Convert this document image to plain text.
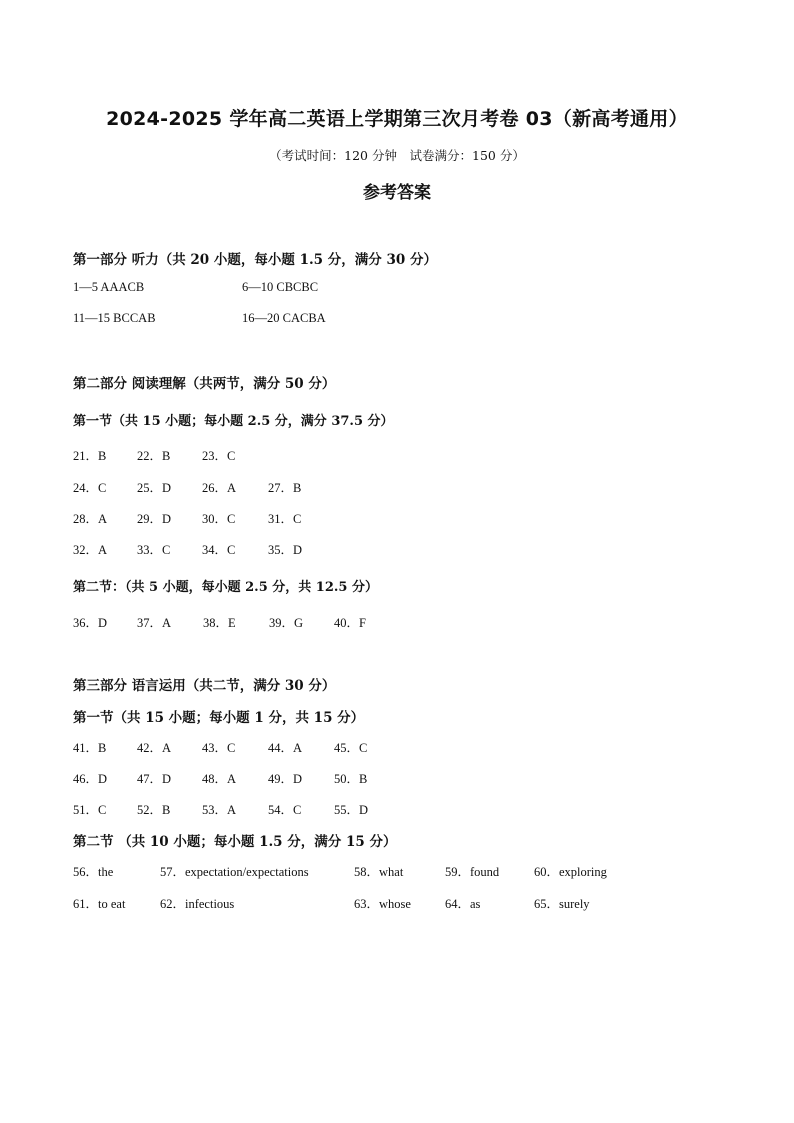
2024-2025 学年高二英语上学期第三次月考卷 03（新高考通用）
（考试时间：120 分钟　试卷满分：150 分）
参考答案
第一部分 听力（共 20 小题，每小题 1.5 分，满分 30 分）
1—5 AAACB	6—10 CBCBC
11—15 BCCAB	16—20 CACBA
第二部分 阅读理解（共两节，满分 50 分）
第一节（共 15 小题；每小题 2.5 分，满分 37.5 分）
21．B 22．B	23．C
24．C 25．D 26．A	27．B
28．A 29．D 30．C	31．C
32．A 33．C	34．C	35．D
第二节：（共 5 小题，每小题 2.5 分，共 12.5 分）
36．D 37．A	38．E	39．G 40．F
第三部分 语言运用（共二节，满分 30 分）
第一节（共 15 小题；每小题 1 分，共 15 分）
41．B 42．A 43．C	44．A	45．C
46．D 47．D 48．A	49．D	50．B
51．C 52．B	53．A	54．C	55．D
第二节 （共 10 小题；每小题 1.5 分，满分 15 分）
56．the	57．expectation/expectations	58．what	59．found	60．exploring
61．to eat	62．infectious	63．whose	64．as	65．surely
